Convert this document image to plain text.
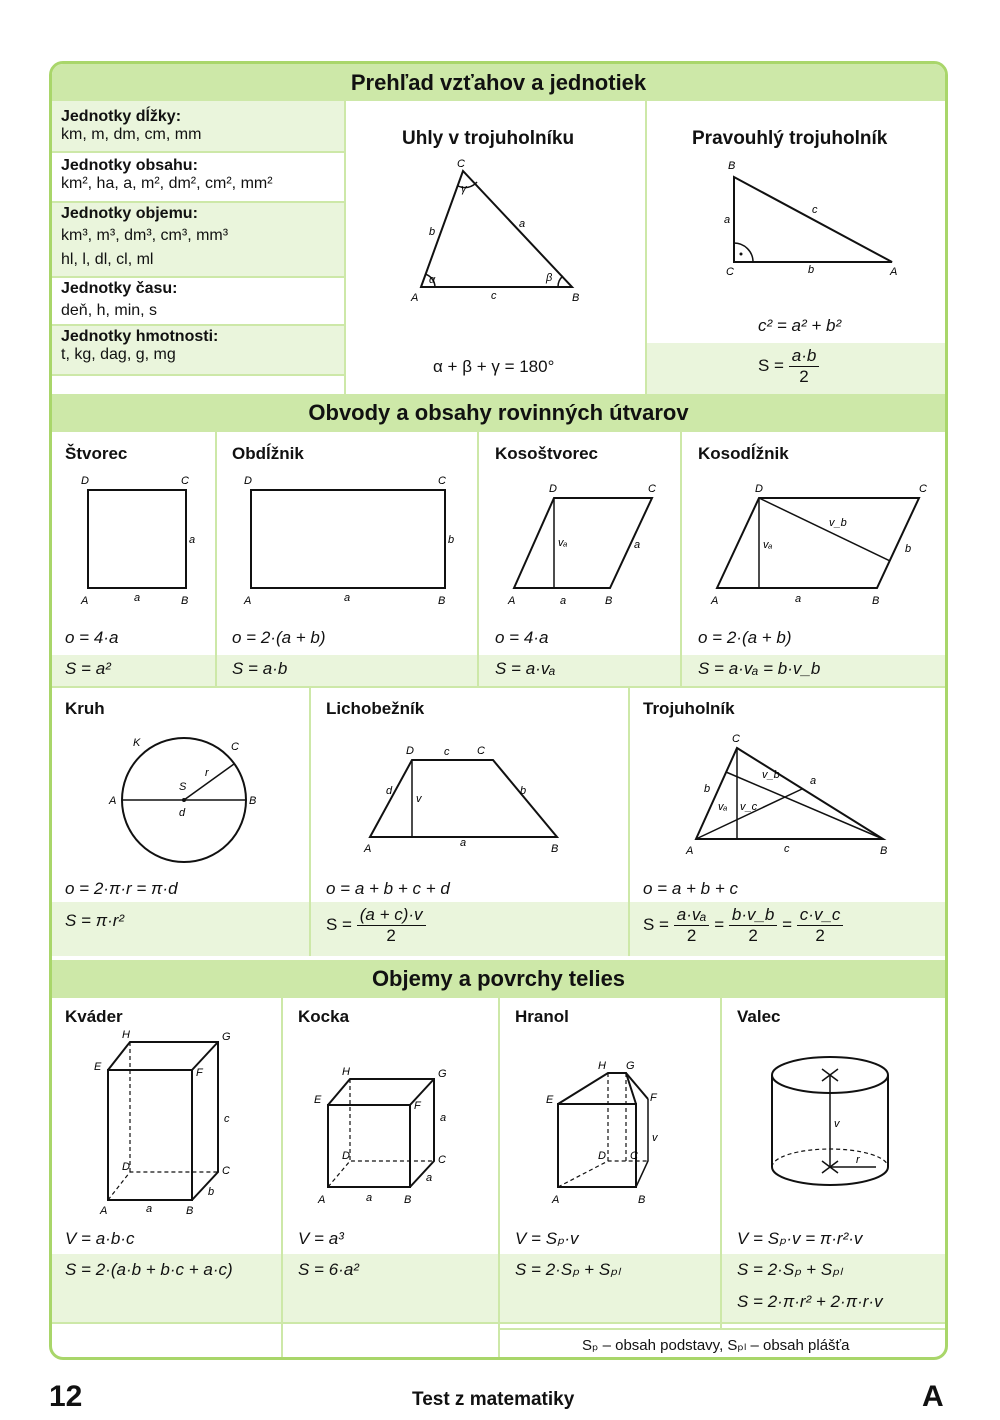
Prehľad vzťahov a jednotiek
Jednotky dĺžky:
km, m, dm, cm, mm
Jednotky obsahu:
km², ha, a, m², dm², cm², mm²
Jednotky objemu:
km³, m³, dm³, cm³, mm³
hl, l, dl, cl, ml
Jednotky času:
deň, h, min, s
Jednotky hmotnosti:
t, kg, dag, g, mg
Uhly v trojuholníku
A	B
C
a
b
c
α	β
γ
α + β + γ = 180°
Pravouhlý trojuholník
B
C	A
a
b
c
c² = a² + b²
$S = \frac{a\cdot b}{2}$
Obvody a obsahy rovinných útvarov
Štvorec
D	C
A	B
a
a
o = 4·a
S = a²
Obdĺžnik
D	C
A	B
a
b
o = 2·(a + b)
S = a·b
Kosoštvorec
D	C
A	B
a
a
vₐ
o = 4·a
S = a·vₐ
Kosodĺžnik
D	C
A	B
a
b
vₐ
v_b
o = 2·(a + b)
S = a·vₐ = b·v_b
Kruh
A	B
K	C
S
d
r
o = 2·π·r = π·d
S = π·r²
Lichobežník
D	C
c
A	B
a
d
v
b
o = a + b + c + d
$S = \frac{(a + c)\cdot v}{2}$
Trojuholník
C
A	B
c
b
a
vₐ v_c
v_b
o = a + b + c
$S = \frac{\text{a·vₐ}}{2} = \frac{b\cdot v\_b}{2} = \frac{c\cdot v\_c}{2}$
Objemy a povrchy telies
Kváder
H	G
E	F
D	C
A	B
a
b
c
V = a·b·c
S = 2·(a·b + b·c + a·c)
Kocka
H	G
E	F
D	C
A	B
a
a
a
V = a³
S = 6·a²
Hranol
H G
E	F
D C
A	B
v
V = Sₚ·v
S = 2·Sₚ + Sₚₗ
Valec
v
r
V = Sₚ·v = π·r²·v
S = 2·Sₚ + Sₚₗ
S = 2·π·r² + 2·π·r·v
Sₚ – obsah podstavy, Sₚₗ – obsah plášťa
12	Test z matematiky	A
